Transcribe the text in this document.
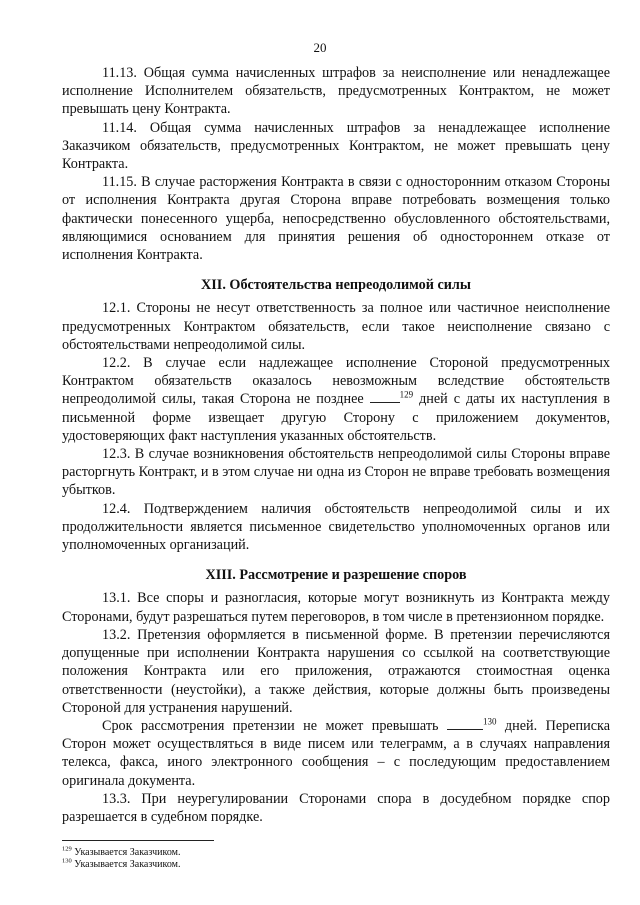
20

11.13. Общая сумма начисленных штрафов за неисполнение или ненадлежащее исполнение Исполнителем обязательств, предусмотренных Контрактом, не может превышать цену Контракта.

11.14. Общая сумма начисленных штрафов за ненадлежащее исполнение Заказчиком обязательств, предусмотренных Контрактом, не может превышать цену Контракта.

11.15. В случае расторжения Контракта в связи с односторонним отказом Стороны от исполнения Контракта другая Сторона вправе потребовать возмещения только фактически понесенного ущерба, непосредственно обусловленного обстоятельствами, являющимися основанием для принятия решения об одностороннем отказе от исполнения Контракта.

XII. Обстоятельства непреодолимой силы

12.1. Стороны не несут ответственность за полное или частичное неисполнение предусмотренных Контрактом обязательств, если такое неисполнение связано с обстоятельствами непреодолимой силы.

12.2. В случае если надлежащее исполнение Стороной предусмотренных Контрактом обязательств оказалось невозможным вследствие обстоятельств непреодолимой силы, такая Сторона не позднее	$^{129}$ дней с даты их наступления в письменной форме извещает другую Сторону с приложением документов, удостоверяющих факт наступления указанных обстоятельств.

12.3. В случае возникновения обстоятельств непреодолимой силы Стороны вправе расторгнуть Контракт, и в этом случае ни одна из Сторон не вправе требовать возмещения убытков.

12.4. Подтверждением наличия обстоятельств непреодолимой силы и их продолжительности является письменное свидетельство уполномоченных органов или уполномоченных организаций.

XIII. Рассмотрение и разрешение споров

13.1. Все споры и разногласия, которые могут возникнуть из Контракта между Сторонами, будут разрешаться путем переговоров, в том числе в претензионном порядке.

13.2. Претензия оформляется в письменной форме. В претензии перечисляются допущенные при исполнении Контракта нарушения со ссылкой на соответствующие положения Контракта или его приложения, отражаются стоимостная оценка ответственности (неустойки), а также действия, которые должны быть произведены Стороной для устранения нарушений.

Срок рассмотрения претензии не может превышать	$^{130}$ дней. Переписка Сторон может осуществляться в виде писем или телеграмм, а в случаях направления телекса, факса, иного электронного сообщения – с последующим предоставлением оригинала документа.

13.3. При неурегулировании Сторонами спора в досудебном порядке спор разрешается в судебном порядке.

$^{129}$ Указывается Заказчиком.
$^{130}$ Указывается Заказчиком.
